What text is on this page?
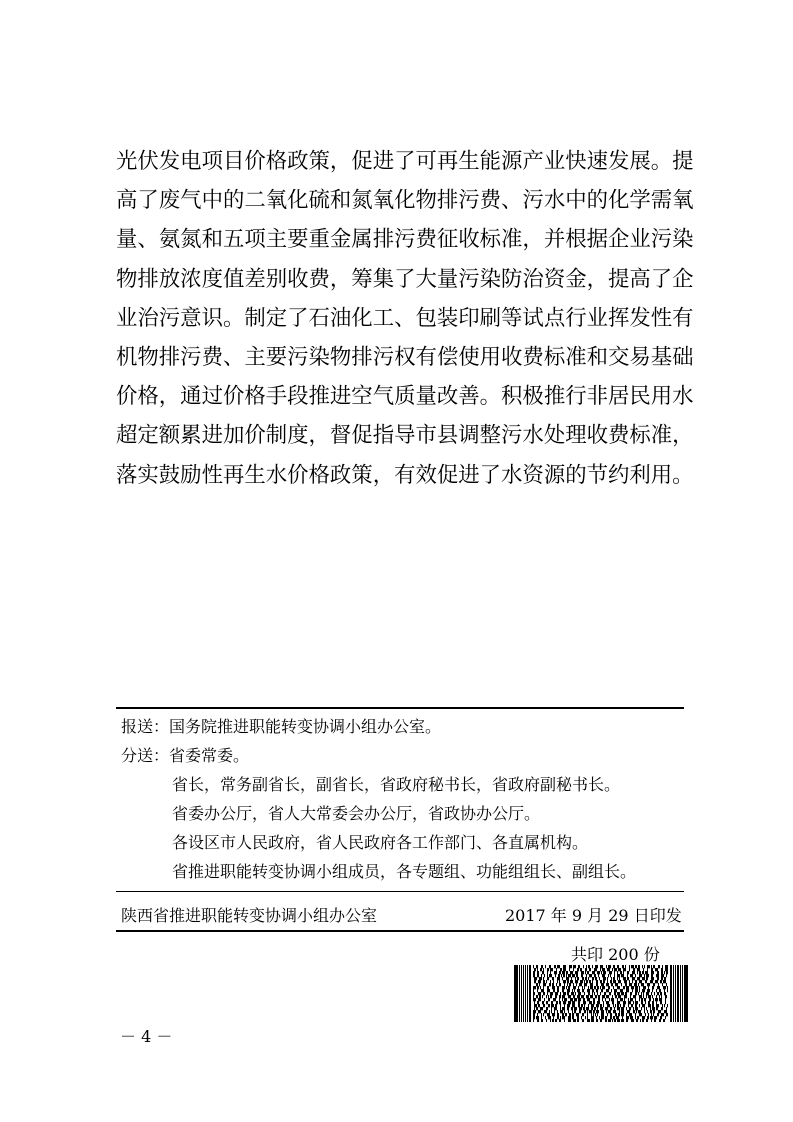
光伏发电项目价格政策，促进了可再生能源产业快速发展。提
高了废气中的二氧化硫和氮氧化物排污费、污水中的化学需氧
量、氨氮和五项主要重金属排污费征收标准，并根据企业污染
物排放浓度值差别收费，筹集了大量污染防治资金，提高了企
业治污意识。制定了石油化工、包装印刷等试点行业挥发性有
机物排污费、主要污染物排污权有偿使用收费标准和交易基础
价格，通过价格手段推进空气质量改善。积极推行非居民用水
超定额累进加价制度，督促指导市县调整污水处理收费标准，
落实鼓励性再生水价格政策，有效促进了水资源的节约利用。
报送：国务院推进职能转变协调小组办公室。
分送：省委常委。
省长，常务副省长，副省长，省政府秘书长，省政府副秘书长。
省委办公厅，省人大常委会办公厅，省政协办公厅。
各设区市人民政府，省人民政府各工作部门、各直属机构。
省推进职能转变协调小组成员，各专题组、功能组组长、副组长。
陕西省推进职能转变协调小组办公室	2017 年 9 月 29 日印发
共印 200 份
－ 4 －
